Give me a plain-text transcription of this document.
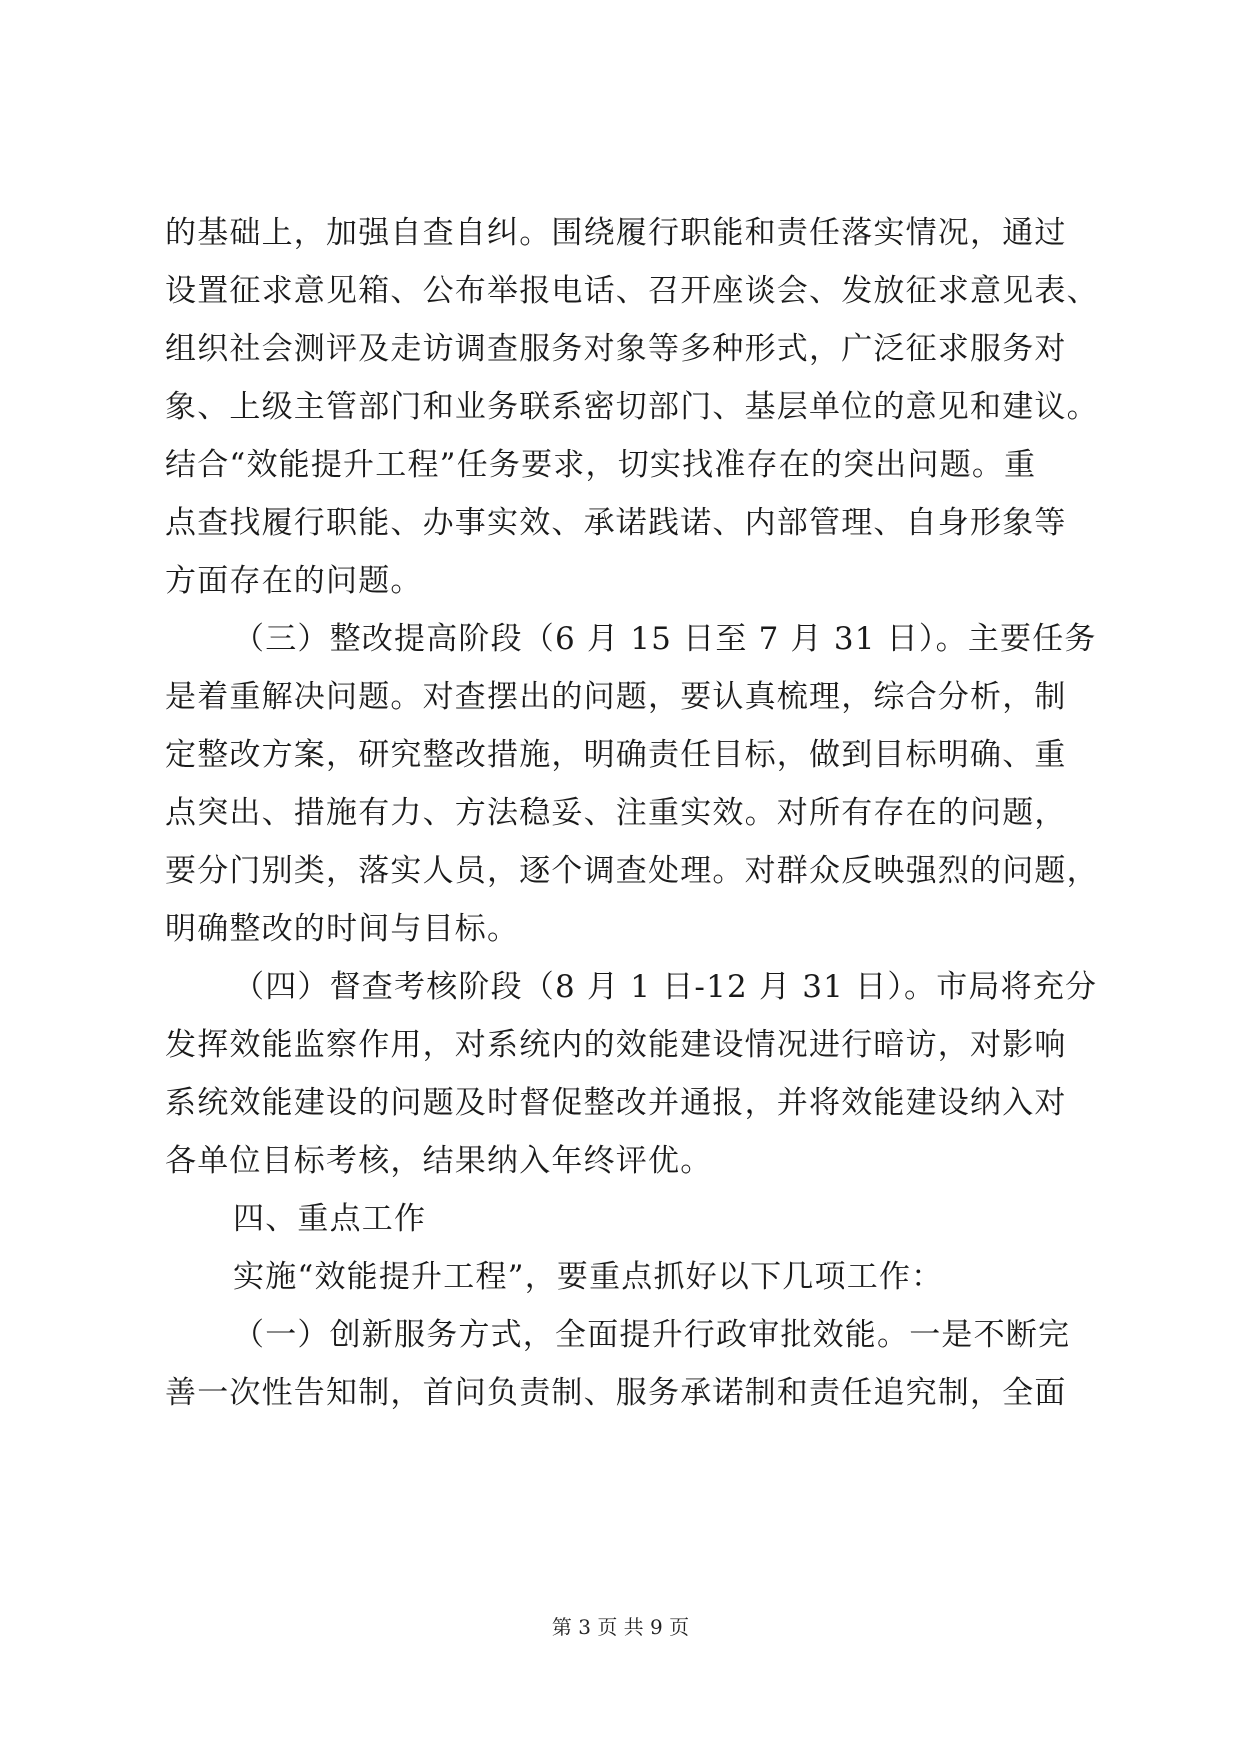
的基础上，加强自查自纠。围绕履行职能和责任落实情况，通过
设置征求意见箱、公布举报电话、召开座谈会、发放征求意见表、
组织社会测评及走访调查服务对象等多种形式，广泛征求服务对
象、上级主管部门和业务联系密切部门、基层单位的意见和建议。
结合“效能提升工程”任务要求，切实找准存在的突出问题。重
点查找履行职能、办事实效、承诺践诺、内部管理、自身形象等
方面存在的问题。
（三）整改提高阶段（6 月 15 日至 7 月 31 日）。主要任务
是着重解决问题。对查摆出的问题，要认真梳理，综合分析，制
定整改方案，研究整改措施，明确责任目标，做到目标明确、重
点突出、措施有力、方法稳妥、注重实效。对所有存在的问题，
要分门别类，落实人员，逐个调查处理。对群众反映强烈的问题，
明确整改的时间与目标。
（四）督查考核阶段（8 月 1 日-12 月 31 日）。市局将充分
发挥效能监察作用，对系统内的效能建设情况进行暗访，对影响
系统效能建设的问题及时督促整改并通报，并将效能建设纳入对
各单位目标考核，结果纳入年终评优。
四、重点工作
实施“效能提升工程”，要重点抓好以下几项工作：
（一）创新服务方式，全面提升行政审批效能。一是不断完
善一次性告知制，首问负责制、服务承诺制和责任追究制，全面
第 3 页 共 9 页
